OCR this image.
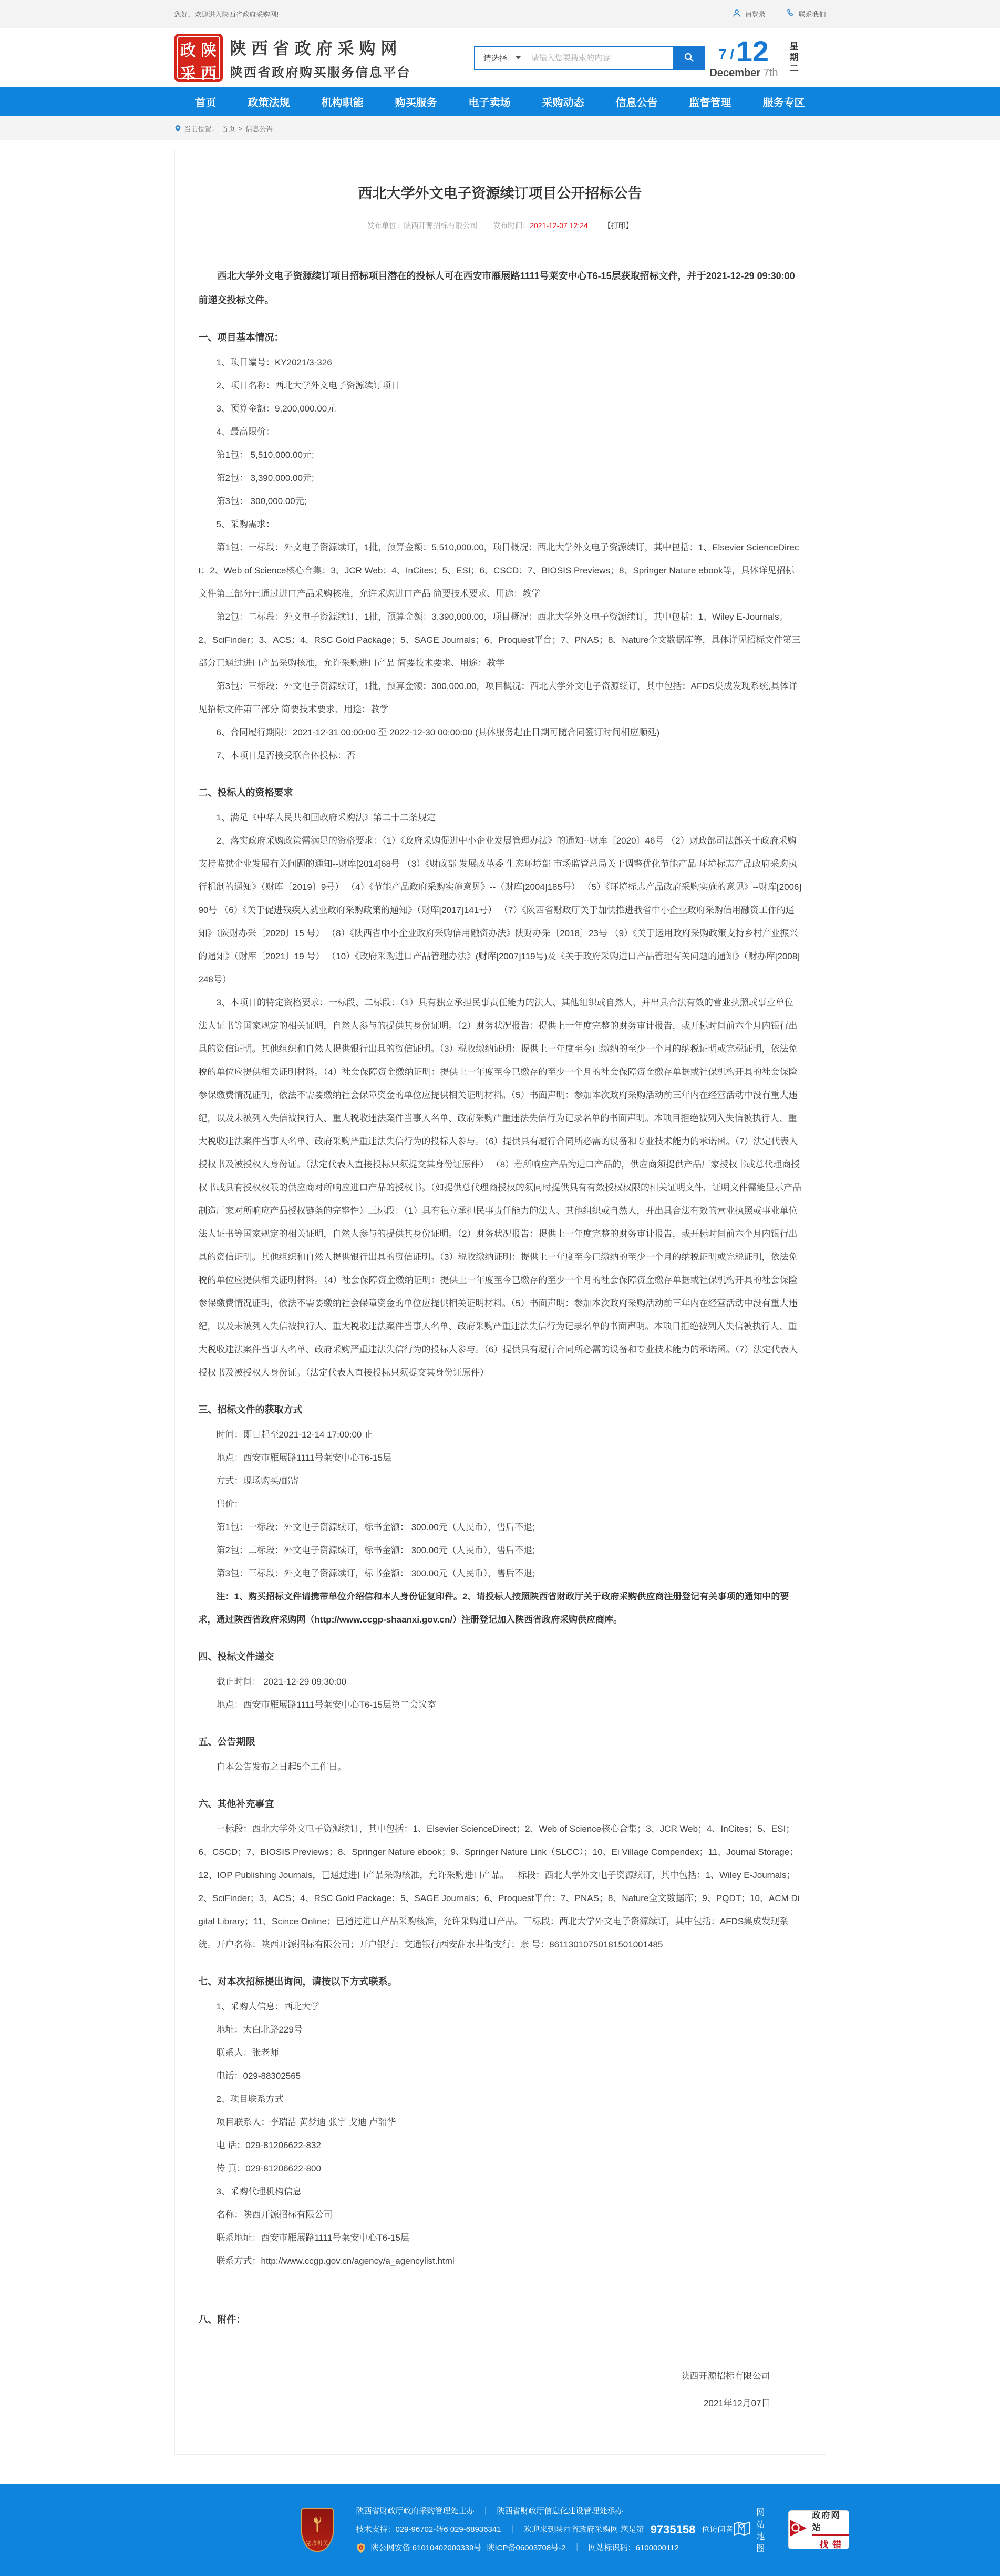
您好，欢迎进入陕西省政府采购网!	请登录	联系我们
政 陕
采 西
陕西省政府采购网
陕西省政府购买服务信息平台
请选择
请输入您要搜索的内容	7 / 12
December 7th 星期二
首页	政策法规	机构职能	购买服务	电子卖场	采购动态	信息公告	监督管理	服务专区
当前位置： 首页 > 信息公告
西北大学外文电子资源续订项目公开招标公告
发布单位：陕西开源招标有限公司 发布时间：2021-12-07 12:24 【打印】

西北大学外文电子资源续订项目招标项目潜在的投标人可在西安市雁展路1111号莱安中心T6-15层获取招标文件，并于2021-12-29 09:30:00前递交投标文件。

一、项目基本情况：

1、项目编号：KY2021/3-326

2、项目名称：西北大学外文电子资源续订项目

3、预算金额：9,200,000.00元

4、最高限价：

第1包： 5,510,000.00元;

第2包： 3,390,000.00元;

第3包： 300,000.00元;

5、采购需求：

第1包：一标段：外文电子资源续订，1批，预算金额：5,510,000.00，项目概况：西北大学外文电子资源续订，其中包括：1、Elsevier ScienceDirect；2、Web of Science核心合集；3、JCR Web；4、InCites；5、ESI；6、CSCD；7、BIOSIS Previews；8、Springer Nature ebook等，具体详见招标文件第三部分已通过进口产品采购核准，允许采购进口产品 简要技术要求、用途：教学

第2包：二标段：外文电子资源续订，1批，预算金额：3,390,000.00，项目概况：西北大学外文电子资源续订，其中包括：1、Wiley E-Journals；2、SciFinder；3、ACS；4、RSC Gold Package；5、SAGE Journals；6、Proquest平台；7、PNAS；8、Nature全文数据库等，具体详见招标文件第三部分已通过进口产品采购核准，允许采购进口产品 简要技术要求、用途：教学

第3包：三标段：外文电子资源续订，1批，预算金额：300,000.00，项目概况：西北大学外文电子资源续订，其中包括：AFDS集成发现系统,具体详见招标文件第三部分 简要技术要求、用途：教学

6、合同履行期限：2021-12-31 00:00:00 至 2022-12-30 00:00:00 (具体服务起止日期可随合同签订时间相应顺延)

7、本项目是否接受联合体投标：否

二、投标人的资格要求

1、满足《中华人民共和国政府采购法》第二十二条规定

2、落实政府采购政策需满足的资格要求：（1）《政府采购促进中小企业发展管理办法》的通知--财库〔2020〕46号 （2）财政部司法部关于政府采购支持监狱企业发展有关问题的通知--财库[2014]68号 （3）《财政部 发展改革委 生态环境部 市场监管总局关于调整优化节能产品 环境标志产品政府采购执行机制的通知》（财库〔2019〕9号） （4）《节能产品政府采购实施意见》--（财库[2004]185号） （5）《环境标志产品政府采购实施的意见》--财库[2006]90号 （6）《关于促进残疾人就业政府采购政策的通知》（财库[2017]141号） （7）《陕西省财政厅关于加快推进我省中小企业政府采购信用融资工作的通知》（陕财办采〔2020〕15 号） （8）《陕西省中小企业政府采购信用融资办法》陕财办采〔2018〕23号 （9）《关于运用政府采购政策支持乡村产业振兴的通知》（财库〔2021〕19 号） （10）《政府采购进口产品管理办法》(财库[2007]119号)及《关于政府采购进口产品管理有关问题的通知》（财办库[2008]248号）

3、本项目的特定资格要求：一标段、二标段：（1）具有独立承担民事责任能力的法人、其他组织或自然人，并出具合法有效的营业执照或事业单位法人证书等国家规定的相关证明，自然人参与的提供其身份证明。（2）财务状况报告：提供上一年度完整的财务审计报告，或开标时间前六个月内银行出具的资信证明。其他组织和自然人提供银行出具的资信证明。（3）税收缴纳证明：提供上一年度至今已缴纳的至少一个月的纳税证明或完税证明，依法免税的单位应提供相关证明材料。（4）社会保障资金缴纳证明：提供上一年度至今已缴存的至少一个月的社会保障资金缴存单据或社保机构开具的社会保险参保缴费情况证明，依法不需要缴纳社会保障资金的单位应提供相关证明材料。（5）书面声明：参加本次政府采购活动前三年内在经营活动中没有重大违纪，以及未被列入失信被执行人、重大税收违法案件当事人名单、政府采购严重违法失信行为记录名单的书面声明。本项目拒绝被列入失信被执行人、重大税收违法案件当事人名单、政府采购严重违法失信行为的投标人参与。（6）提供具有履行合同所必需的设备和专业技术能力的承诺函。（7）法定代表人授权书及被授权人身份证。（法定代表人直接投标只须提交其身份证原件） （8）若所响应产品为进口产品的，供应商须提供产品厂家授权书或总代理商授权书或具有授权权限的供应商对所响应进口产品的授权书。（如提供总代理商授权的须同时提供具有有效授权权限的相关证明文件，证明文件需能显示产品制造厂家对所响应产品授权链条的完整性）三标段：（1）具有独立承担民事责任能力的法人、其他组织或自然人，并出具合法有效的营业执照或事业单位法人证书等国家规定的相关证明，自然人参与的提供其身份证明。（2）财务状况报告：提供上一年度完整的财务审计报告，或开标时间前六个月内银行出具的资信证明。其他组织和自然人提供银行出具的资信证明。（3）税收缴纳证明：提供上一年度至今已缴纳的至少一个月的纳税证明或完税证明，依法免税的单位应提供相关证明材料。（4）社会保障资金缴纳证明：提供上一年度至今已缴存的至少一个月的社会保障资金缴存单据或社保机构开具的社会保险参保缴费情况证明，依法不需要缴纳社会保障资金的单位应提供相关证明材料。（5）书面声明：参加本次政府采购活动前三年内在经营活动中没有重大违纪，以及未被列入失信被执行人、重大税收违法案件当事人名单、政府采购严重违法失信行为记录名单的书面声明。本项目拒绝被列入失信被执行人、重大税收违法案件当事人名单、政府采购严重违法失信行为的投标人参与。（6）提供具有履行合同所必需的设备和专业技术能力的承诺函。（7）法定代表人授权书及被授权人身份证。（法定代表人直接投标只须提交其身份证原件）

三、招标文件的获取方式

时间：即日起至2021-12-14 17:00:00 止

地点：西安市雁展路1111号莱安中心T6-15层

方式：现场购买/邮寄

售价：

第1包：一标段：外文电子资源续订，标书金额： 300.00元（人民币），售后不退;

第2包：二标段：外文电子资源续订，标书金额： 300.00元（人民币），售后不退;

第3包：三标段：外文电子资源续订，标书金额： 300.00元（人民币），售后不退;

注：1、购买招标文件请携带单位介绍信和本人身份证复印件。2、请投标人按照陕西省财政厅关于政府采购供应商注册登记有关事项的通知中的要求，通过陕西省政府采购网（http://www.ccgp-shaanxi.gov.cn/）注册登记加入陕西省政府采购供应商库。

四、投标文件递交

截止时间： 2021-12-29 09:30:00

地点：西安市雁展路1111号莱安中心T6-15层第二会议室

五、公告期限

自本公告发布之日起5个工作日。

六、其他补充事宜

一标段：西北大学外文电子资源续订，其中包括：1、Elsevier ScienceDirect；2、Web of Science核心合集；3、JCR Web；4、InCites；5、ESI；6、CSCD；7、BIOSIS Previews；8、Springer Nature ebook；9、Springer Nature Link（SLCC）；10、Ei Village Compendex；11、Journal Storage；12、IOP Publishing Journals，已通过进口产品采购核准，允许采购进口产品。二标段：西北大学外文电子资源续订，其中包括：1、Wiley E-Journals；2、SciFinder；3、ACS；4、RSC Gold Package；5、SAGE Journals；6、Proquest平台；7、PNAS；8、Nature全文数据库；9、PQDT；10、ACM Digital Library；11、Scince Online；已通过进口产品采购核准，允许采购进口产品。三标段：西北大学外文电子资源续订，其中包括：AFDS集成发现系统。开户名称：陕西开源招标有限公司；开户银行：交通银行西安甜水井街支行；账 号：86113010750181501001485

七、对本次招标提出询问，请按以下方式联系。

1、采购人信息：西北大学

地址：太白北路229号

联系人：张老师

电话：029-88302565

2、项目联系方式

项目联系人：李瑞洁 黄梦迪 张宇 戈迪 卢韶华

电 话：029-81206622-832

传 真：029-81206622-800

3、采购代理机构信息

名称：陕西开源招标有限公司

联系地址：西安市雁展路1111号莱安中心T6-15层

联系方式：http://www.ccgp.gov.cn/agency/a_agencylist.html

八、附件：
陕西开源招标有限公司
2021年12月07日
党政机关
陕西省财政厅政府采购管理处主办 ｜ 陕西省财政厅信息化建设管理处承办
技术支持：029-96702-转6 029-68936341 ｜ 欢迎来到陕西省政府采购网 您是第 9735158 位访问者
陕公网安备 61010402000339号 陕ICP备06003708号-2 ｜ 网站标识码：6100000112
网站地图
政府网站
找错
